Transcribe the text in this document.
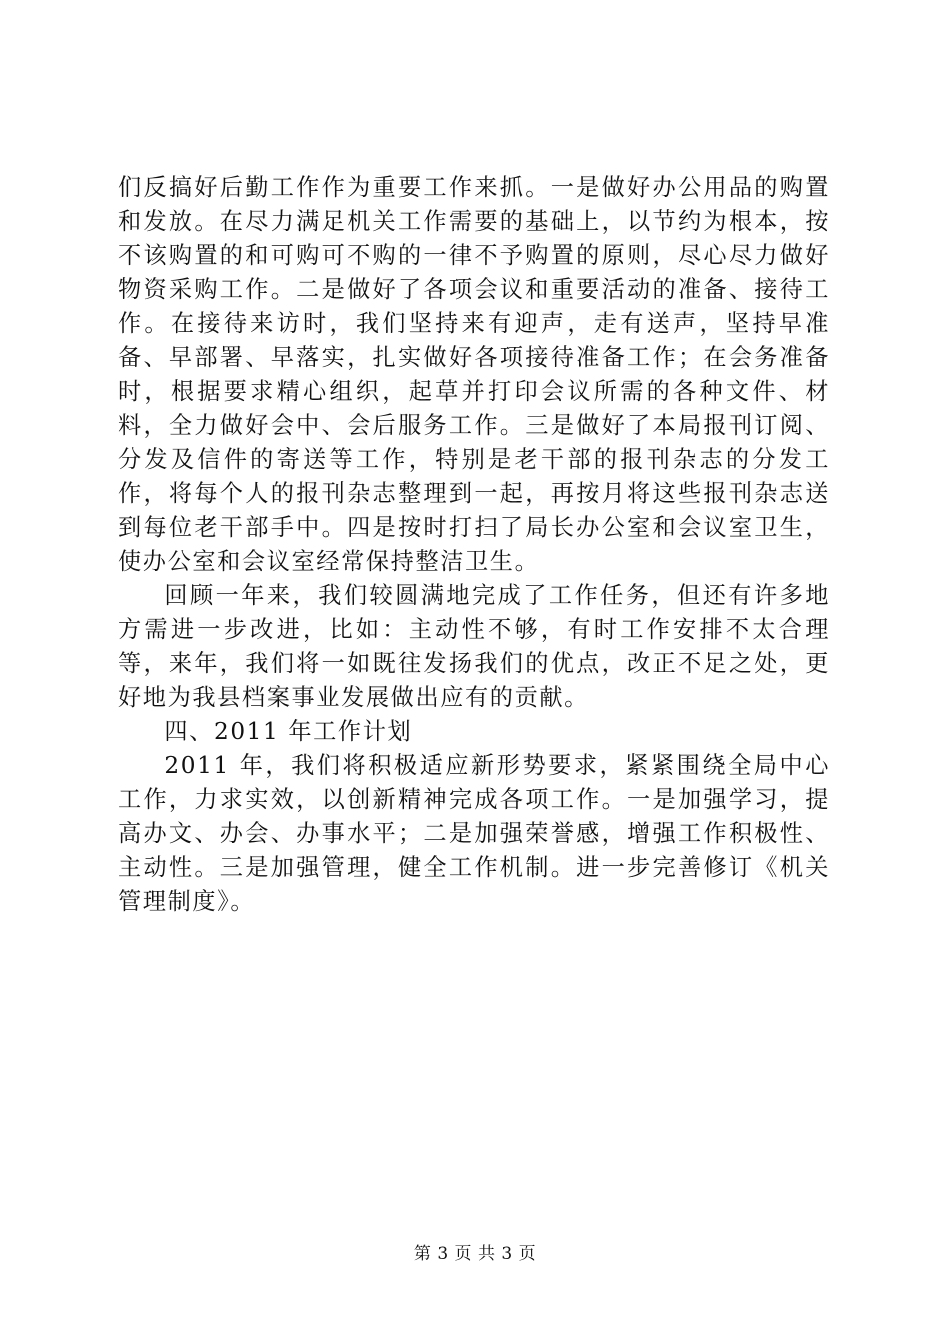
们反搞好后勤工作作为重要工作来抓。一是做好办公用品的购置和发放。在尽力满足机关工作需要的基础上，以节约为根本，按不该购置的和可购可不购的一律不予购置的原则，尽心尽力做好物资采购工作。二是做好了各项会议和重要活动的准备、接待工作。在接待来访时，我们坚持来有迎声，走有送声，坚持早准备、早部署、早落实，扎实做好各项接待准备工作；在会务准备时，根据要求精心组织，起草并打印会议所需的各种文件、材料，全力做好会中、会后服务工作。三是做好了本局报刊订阅、分发及信件的寄送等工作，特别是老干部的报刊杂志的分发工作，将每个人的报刊杂志整理到一起，再按月将这些报刊杂志送到每位老干部手中。四是按时打扫了局长办公室和会议室卫生，使办公室和会议室经常保持整洁卫生。

回顾一年来，我们较圆满地完成了工作任务，但还有许多地方需进一步改进，比如：主动性不够，有时工作安排不太合理等，来年，我们将一如既往发扬我们的优点，改正不足之处，更好地为我县档案事业发展做出应有的贡献。

四、2011 年工作计划

2011 年，我们将积极适应新形势要求，紧紧围绕全局中心工作，力求实效，以创新精神完成各项工作。一是加强学习，提高办文、办会、办事水平；二是加强荣誉感，增强工作积极性、主动性。三是加强管理，健全工作机制。进一步完善修订《机关管理制度》。

第 3 页 共 3 页
